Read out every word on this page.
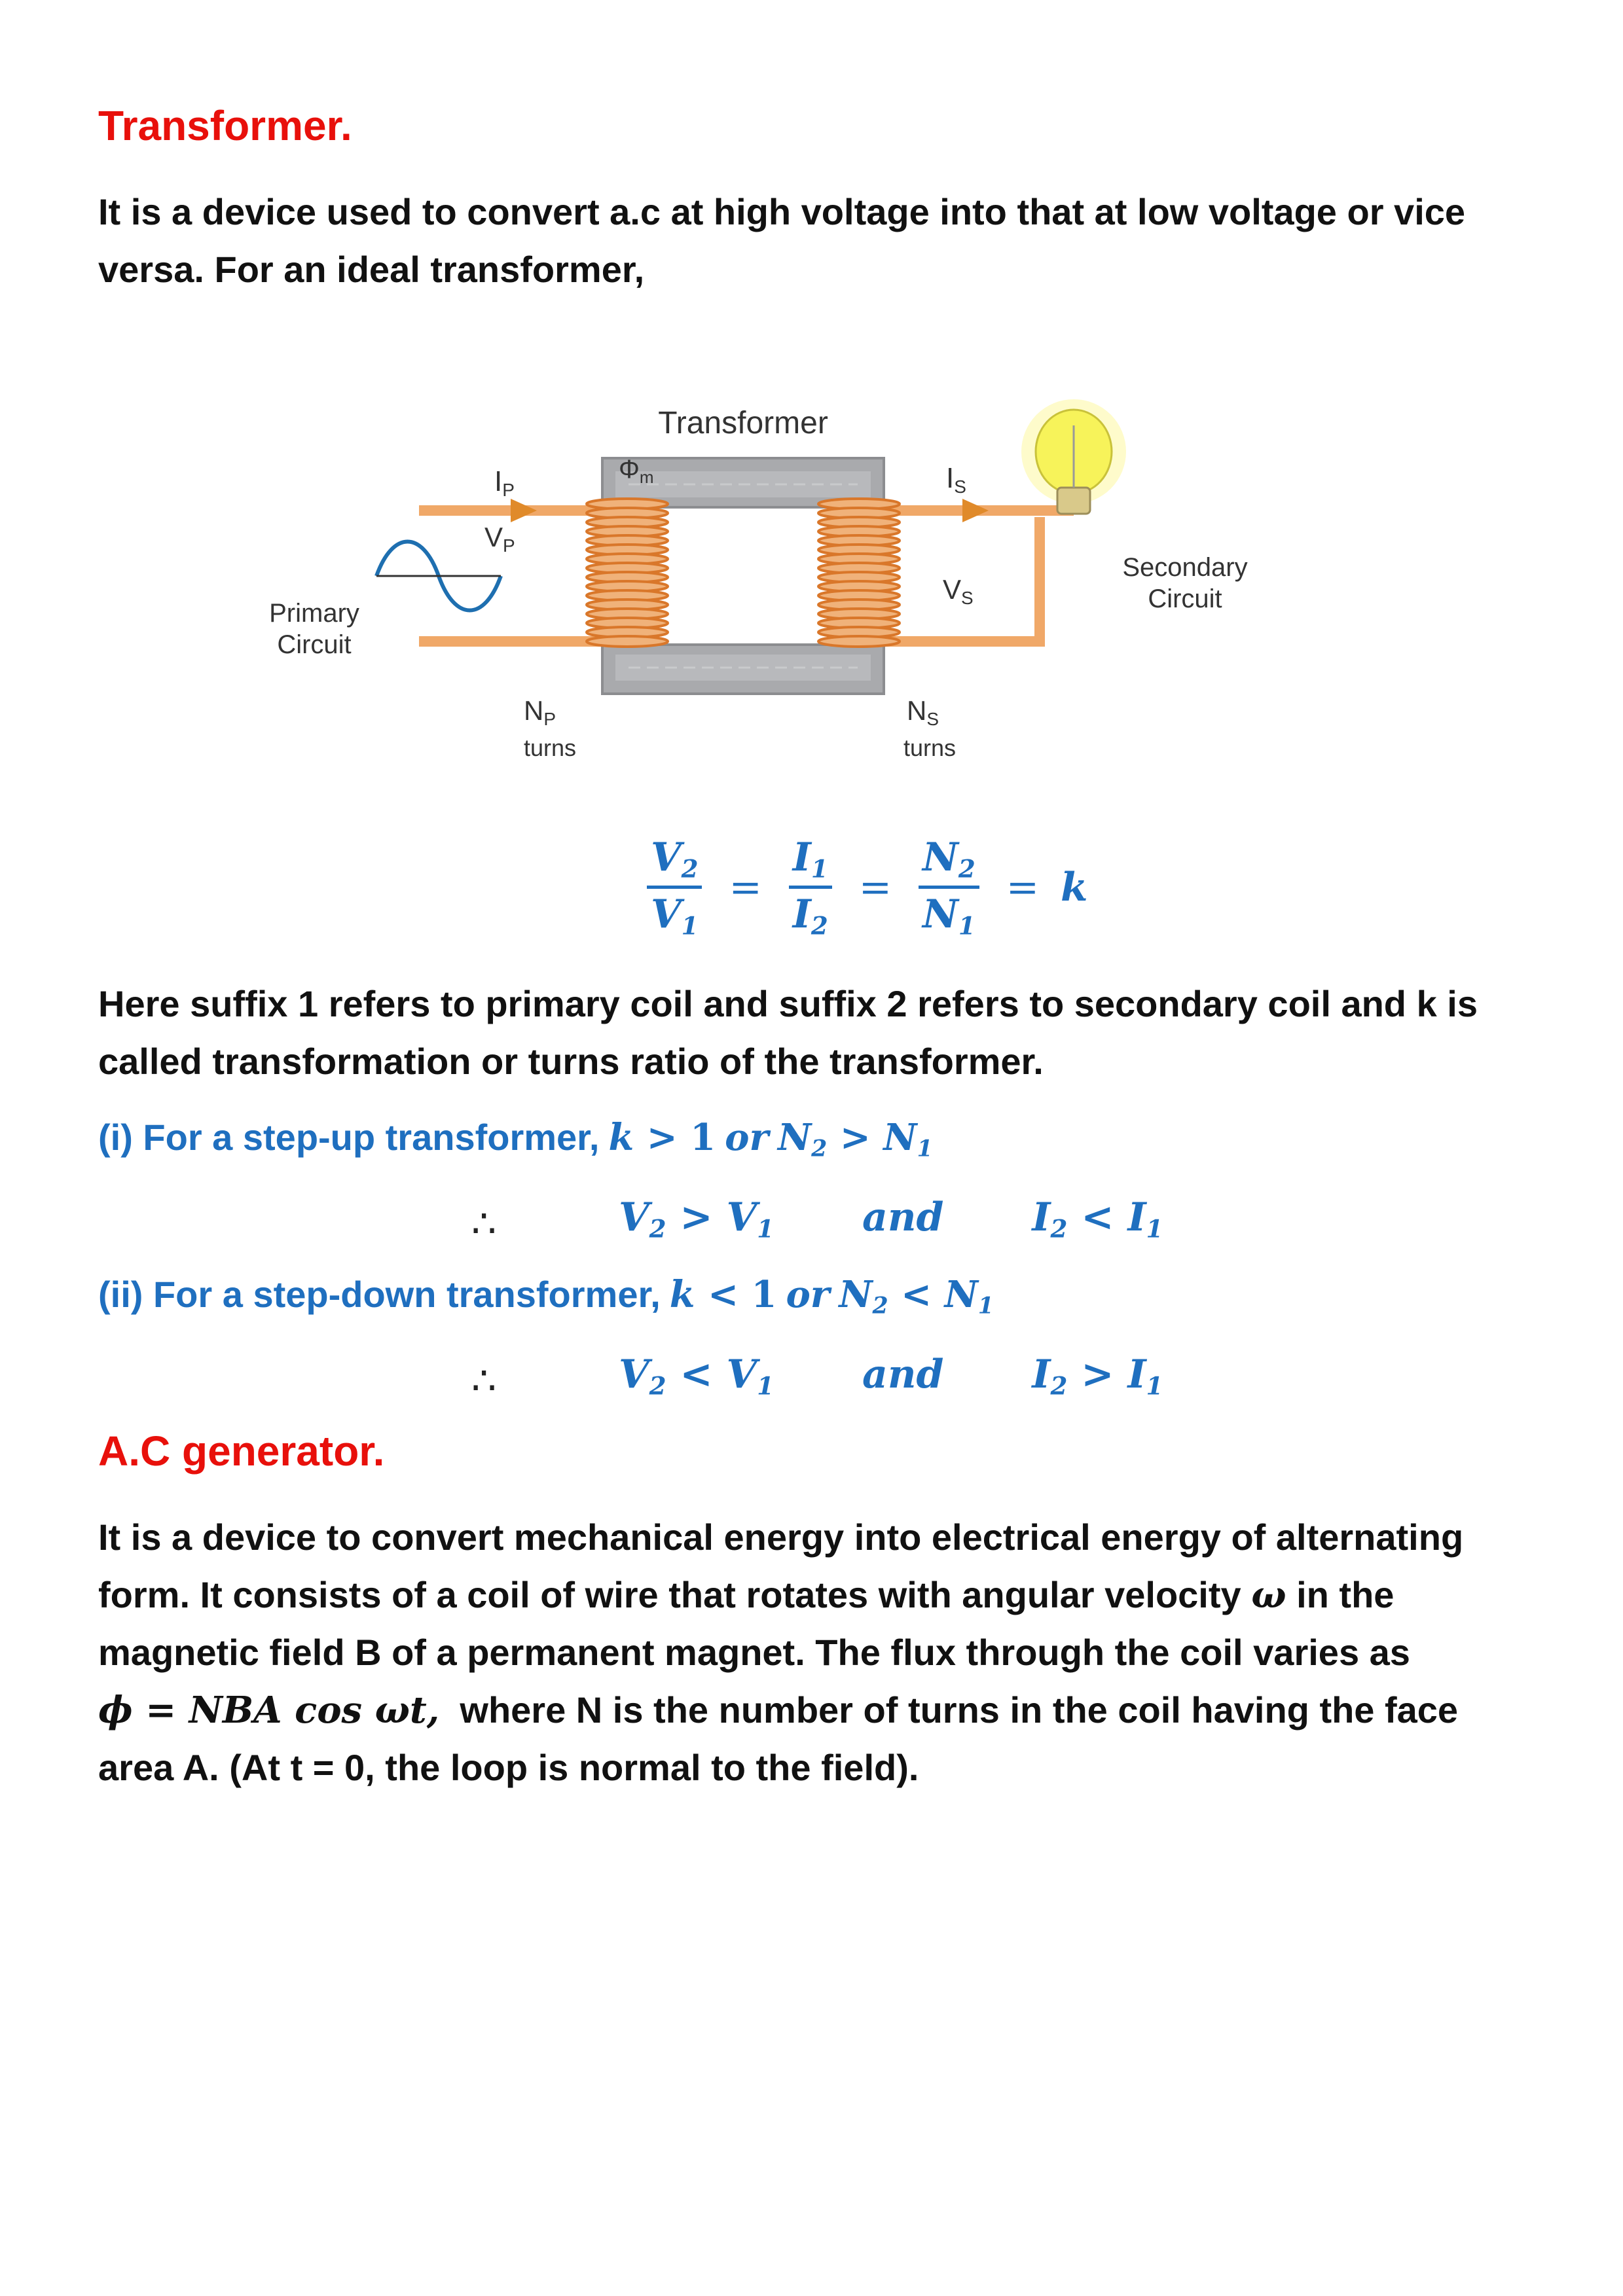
Transformer.
It is a device used to convert a.c at high voltage into that at low voltage or vice versa. For an ideal transformer,
Transformer
$\Phi_m$
IP
VP
IS
VS
NP
turns
NS
turns
Primary
Circuit
Secondary
Circuit
$\frac{V_2}{V_1} = \frac{I_1}{I_2} = \frac{N_2}{N_1} = k$
Here suffix 1 refers to primary coil and suffix 2 refers to secondary coil and k is called transformation or turns ratio of the transformer.
(i) For a step-up transformer, k > 1 or $N_2 > N_1$
∴	$V_2 > V_1$ and $I_2 < I_1$
(ii) For a step-down transformer, k < 1 or $N_2 < N_1$
∴	$V_2 < V_1$ and $I_2 > I_1$
A.C generator.
It is a device to convert mechanical energy into electrical energy of alternating
form. It consists of a coil of wire that rotates with angular velocity ω in the
magnetic field B of a permanent magnet. The flux through the coil varies as
ϕ = NBA cos ωt, where N is the number of turns in the coil having the face
area A. (At t = 0, the loop is normal to the field).
